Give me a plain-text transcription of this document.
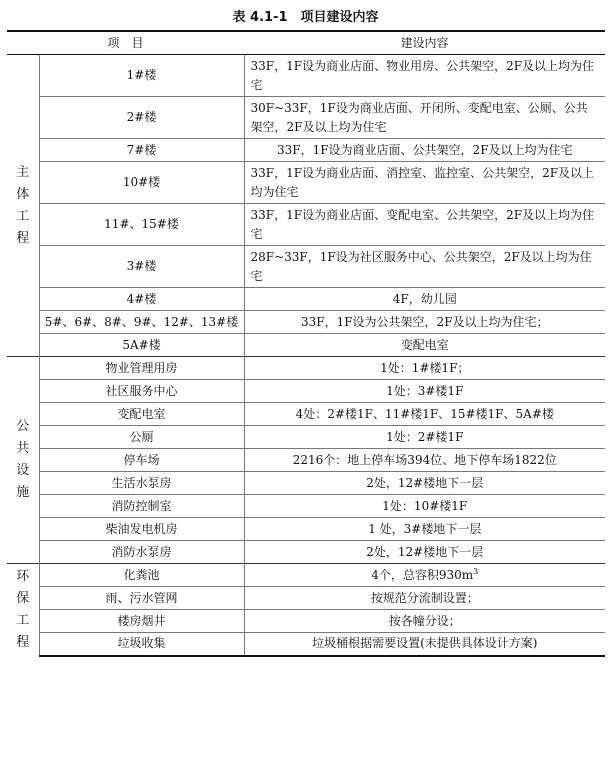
表 4.1-1　项目建设内容
项　目		建设内容
主体工程	1#楼	33F，1F设为商业店面、物业用房、公共架空，2F及以上均为住宅
	2#楼	30F~33F，1F设为商业店面、开闭所、变配电室、公厕、公共架空，2F及以上均为住宅
	7#楼	33F，1F设为商业店面、公共架空，2F及以上均为住宅
	10#楼	33F，1F设为商业店面、消控室、监控室、公共架空，2F及以上均为住宅
	11#、15#楼	33F，1F设为商业店面、变配电室、公共架空，2F及以上均为住宅
	3#楼	28F~33F，1F设为社区服务中心、公共架空，2F及以上均为住宅
	4#楼	4F，幼儿园
	5#、6#、8#、9#、12#、13#楼	33F，1F设为公共架空，2F及以上均为住宅；
	5A#楼	变配电室
公共设施	物业管理用房	1处：1#楼1F；
	社区服务中心	1处：3#楼1F
	变配电室	4处：2#楼1F、11#楼1F、15#楼1F、5A#楼
	公厕	1处：2#楼1F
	停车场	2216个：地上停车场394位、地下停车场1822位
	生活水泵房	2处，12#楼地下一层
	消防控制室	1处：10#楼1F
	柴油发电机房	1 处，3#楼地下一层
	消防水泵房	2处，12#楼地下一层
环保工程	化粪池	4个，总容积$930m^3$
	雨、污水管网	按规范分流制设置；
	楼房烟井	按各幢分设；
	垃圾收集	垃圾桶根据需要设置(未提供具体设计方案)
